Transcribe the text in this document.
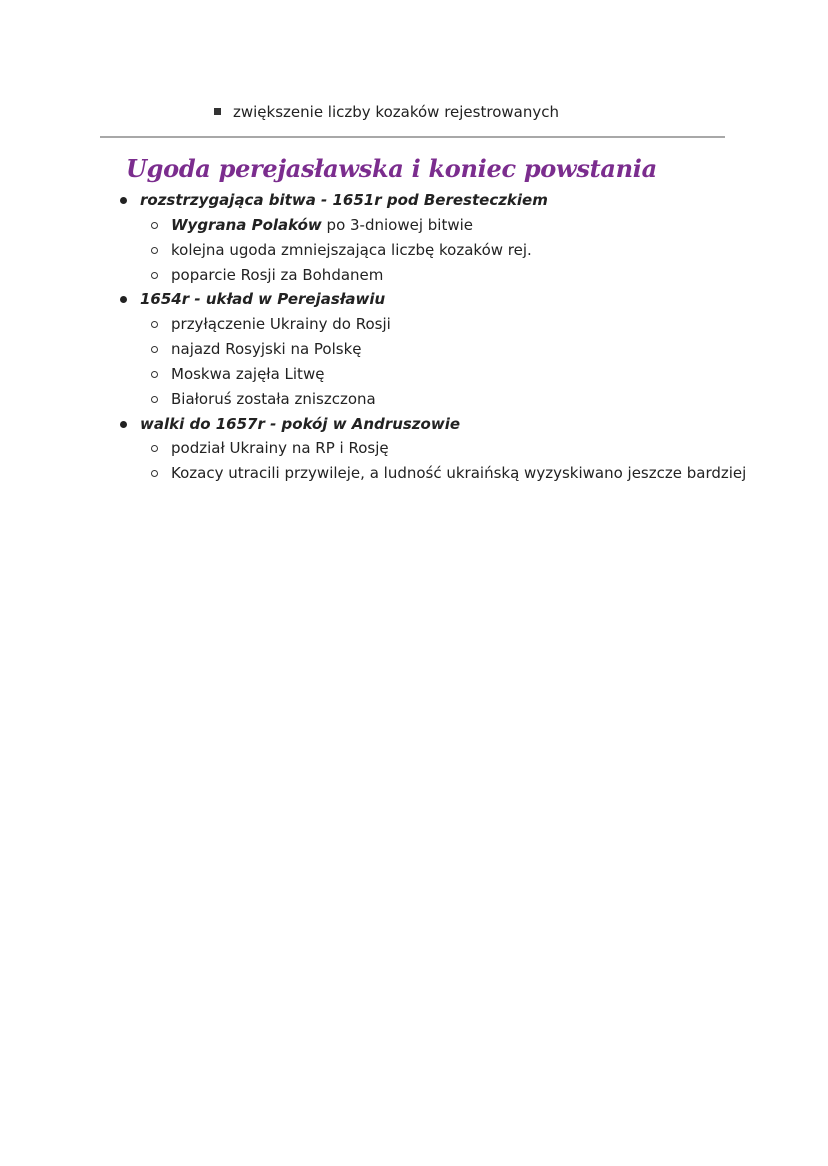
zwiększenie liczby kozaków rejestrowanych
Ugoda perejasławska i koniec powstania
rozstrzygająca bitwa - 1651r pod Beresteczkiem
Wygrana Polaków po 3-dniowej bitwie
kolejna ugoda zmniejszająca liczbę kozaków rej.
poparcie Rosji za Bohdanem
1654r - układ w Perejasławiu
przyłączenie Ukrainy do Rosji
najazd Rosyjski na Polskę
Moskwa zajęła Litwę
Białoruś została zniszczona
walki do 1657r - pokój w Andruszowie
podział Ukrainy na RP i Rosję
Kozacy utracili przywileje, a ludność ukraińską wyzyskiwano jeszcze bardziej
